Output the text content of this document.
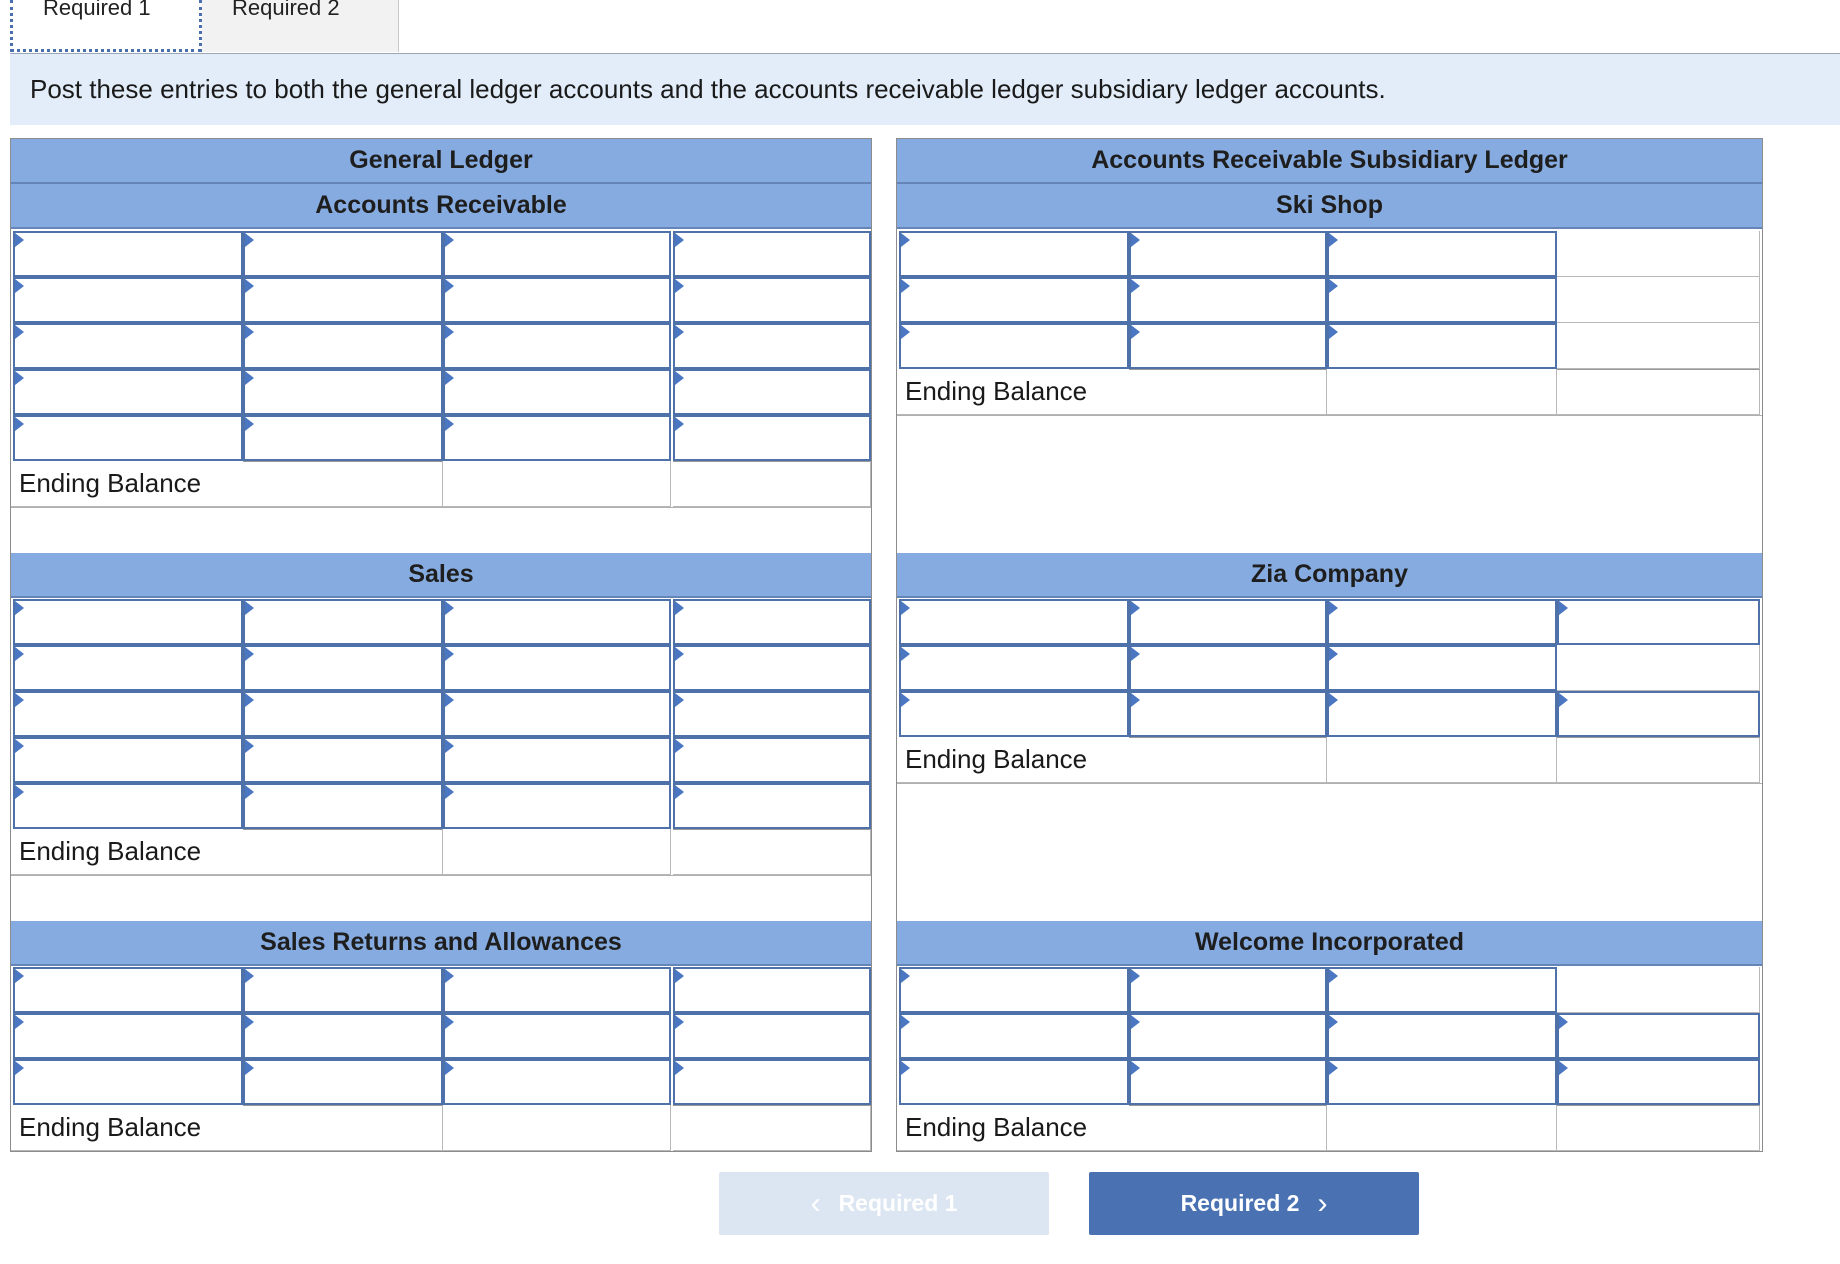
Required 1	Required 2
Post these entries to both the general ledger accounts and the accounts receivable ledger subsidiary ledger accounts.
General Ledger
Accounts Receivable
Sales
Sales Returns and Allowances
Ending Balance
Ending Balance
Ending Balance
Accounts Receivable Subsidiary Ledger
Ski Shop
Zia Company
Welcome Incorporated
Ending Balance
Ending Balance
Ending Balance
‹ Required 1	Required 2 ›
